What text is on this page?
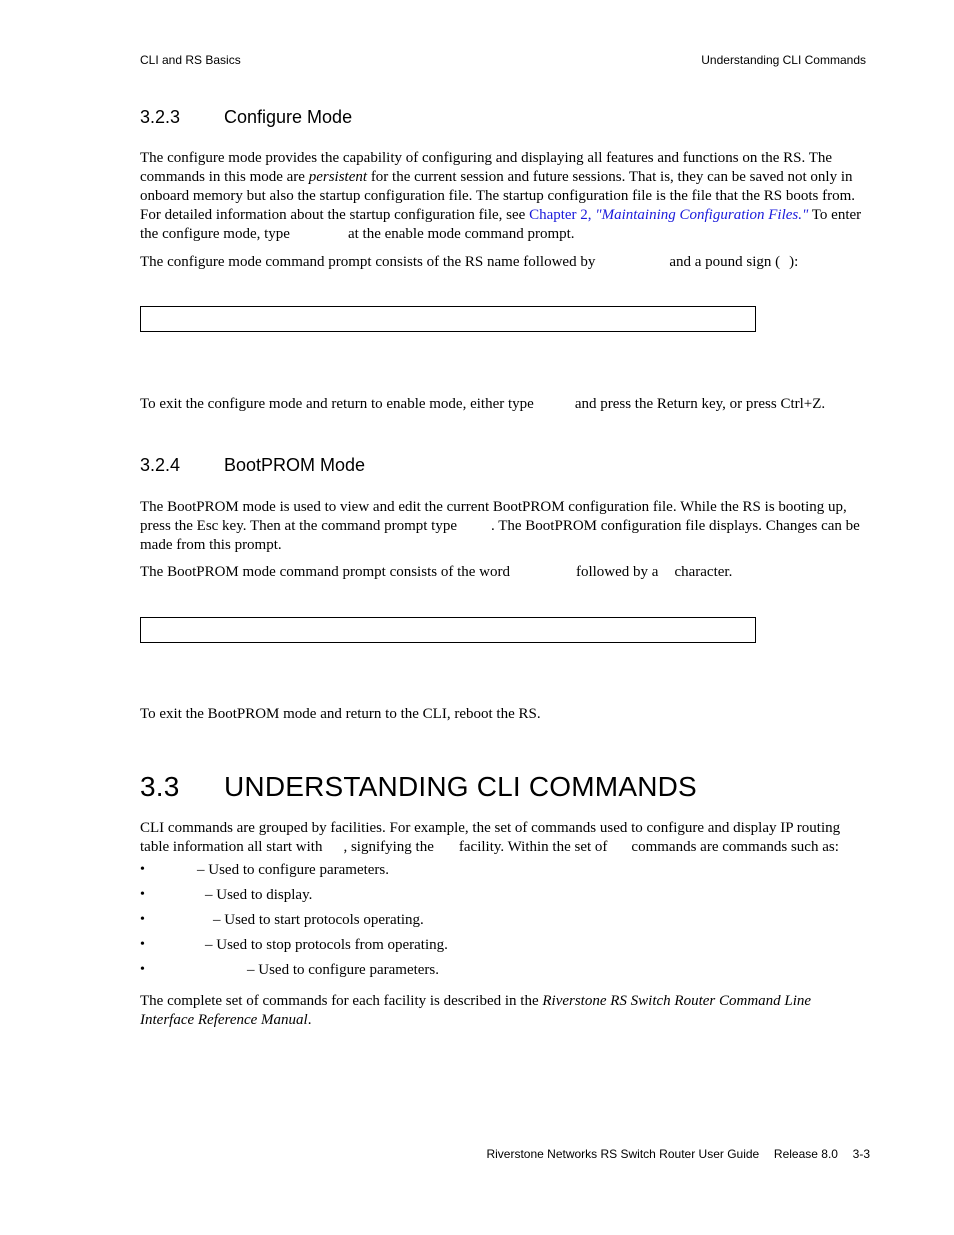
CLI and RS Basics	Understanding CLI Commands
3.2.3 Configure Mode

The configure mode provides the capability of configuring and displaying all features and functions on the RS. The commands in this mode are persistent for the current session and future sessions. That is, they can be saved not only in onboard memory but also the startup configuration file. The startup configuration file is the file that the RS boots from. For detailed information about the startup configuration file, see Chapter 2, "Maintaining Configuration Files." To enter the configure mode, type	at the enable mode command prompt.

The configure mode command prompt consists of the RS name followed by	and a pound sign ( ):
To exit the configure mode and return to enable mode, either type	and press the Return key, or press Ctrl+Z.
3.2.4 BootPROM Mode

The BootPROM mode is used to view and edit the current BootPROM configuration file. While the RS is booting up, press the Esc key. Then at the command prompt type . The BootPROM configuration file displays. Changes can be made from this prompt.

The BootPROM mode command prompt consists of the word	followed by a character.
To exit the BootPROM mode and return to the CLI, reboot the RS.
3.3 UNDERSTANDING CLI COMMANDS

CLI commands are grouped by facilities. For example, the set of commands used to configure and display IP routing table information all start with , signifying the facility. Within the set of commands are commands such as:

•	– Used to configure parameters.
•	– Used to display.
•	– Used to start protocols operating.
•	– Used to stop protocols from operating.
•	– Used to configure parameters.

The complete set of commands for each facility is described in the Riverstone RS Switch Router Command Line Interface Reference Manual.

Riverstone Networks RS Switch Router User Guide Release 8.0 3-3
